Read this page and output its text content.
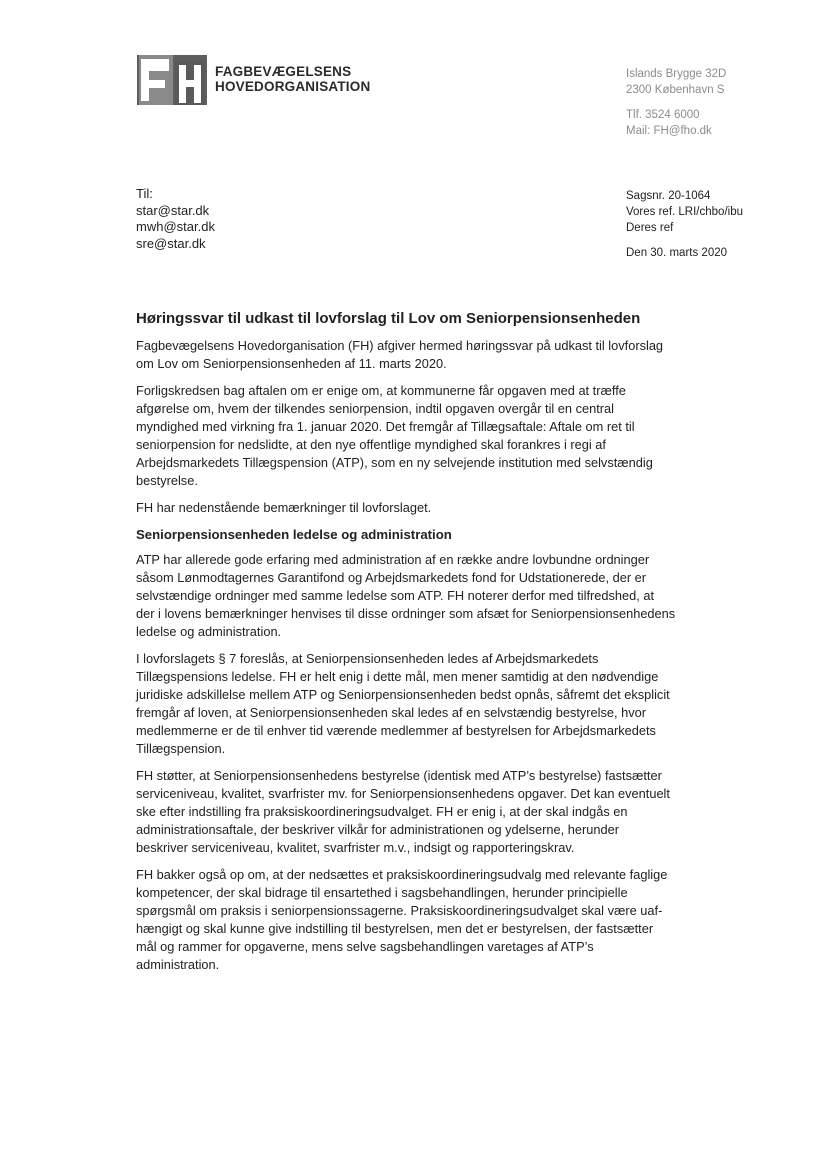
FAGBEVÆGELSENS
HOVEDORGANISATION
Islands Brygge 32D
2300 København S
Tlf. 3524 6000
Mail: FH@fho.dk
Til:
star@star.dk
mwh@star.dk
sre@star.dk
Sagsnr. 20-1064
Vores ref. LRI/chbo/ibu
Deres ref
Den 30. marts 2020
Høringssvar til udkast til lovforslag til Lov om Seniorpensionsenheden

Fagbevægelsens Hovedorganisation (FH) afgiver hermed høringssvar på udkast til lovforslag
om Lov om Seniorpensionsenheden af 11. marts 2020.

Forligskredsen bag aftalen om er enige om, at kommunerne får opgaven med at træffe
afgørelse om, hvem der tilkendes seniorpension, indtil opgaven overgår til en central
myndighed med virkning fra 1. januar 2020. Det fremgår af Tillægsaftale: Aftale om ret til
seniorpension for nedslidte, at den nye offentlige myndighed skal forankres i regi af
Arbejdsmarkedets Tillægspension (ATP), som en ny selvejende institution med selvstændig
bestyrelse.

FH har nedenstående bemærkninger til lovforslaget.

Seniorpensionsenheden ledelse og administration

ATP har allerede gode erfaring med administration af en række andre lovbundne ordninger
såsom Lønmodtagernes Garantifond og Arbejdsmarkedets fond for Udstationerede, der er
selvstændige ordninger med samme ledelse som ATP. FH noterer derfor med tilfredshed, at
der i lovens bemærkninger henvises til disse ordninger som afsæt for Seniorpensionsenhedens
ledelse og administration.

I lovforslagets § 7 foreslås, at Seniorpensionsenheden ledes af Arbejdsmarkedets
Tillægspensions ledelse. FH er helt enig i dette mål, men mener samtidig at den nødvendige
juridiske adskillelse mellem ATP og Seniorpensionsenheden bedst opnås, såfremt det eksplicit
fremgår af loven, at Seniorpensionsenheden skal ledes af en selvstændig bestyrelse, hvor
medlemmerne er de til enhver tid værende medlemmer af bestyrelsen for Arbejdsmarkedets
Tillægspension.

FH støtter, at Seniorpensionsenhedens bestyrelse (identisk med ATP’s bestyrelse) fastsætter
serviceniveau, kvalitet, svarfrister mv. for Seniorpensionsenhedens opgaver. Det kan eventuelt
ske efter indstilling fra praksiskoordineringsudvalget. FH er enig i, at der skal indgås en
administrationsaftale, der beskriver vilkår for administrationen og ydelserne, herunder
beskriver serviceniveau, kvalitet, svarfrister m.v., indsigt og rapporteringskrav.

FH bakker også op om, at der nedsættes et praksiskoordineringsudvalg med relevante faglige
kompetencer, der skal bidrage til ensartethed i sagsbehandlingen, herunder principielle
spørgsmål om praksis i seniorpensionssagerne. Praksiskoordineringsudvalget skal være uaf-
hængigt og skal kunne give indstilling til bestyrelsen, men det er bestyrelsen, der fastsætter
mål og rammer for opgaverne, mens selve sagsbehandlingen varetages af ATP’s
administration.
